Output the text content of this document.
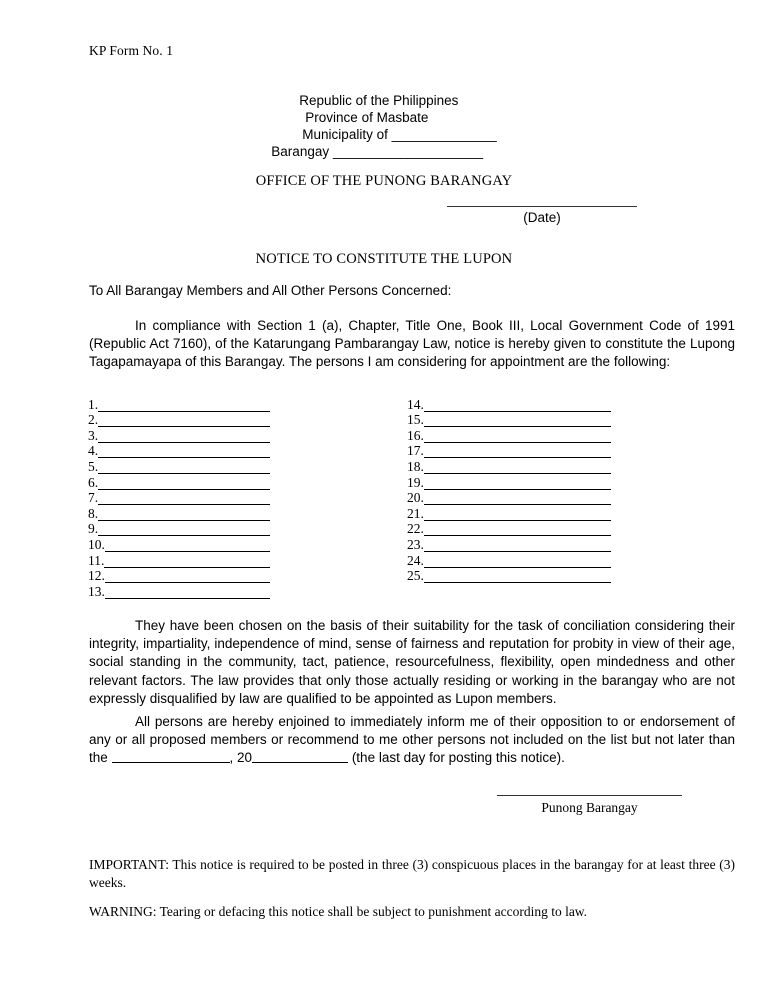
KP Form No. 1
Republic of the Philippines
Province of Masbate
Municipality of ______________
Barangay ____________________
OFFICE OF THE PUNONG BARANGAY
(Date)
NOTICE TO CONSTITUTE THE LUPON
To All Barangay Members and All Other Persons Concerned:
In compliance with Section 1 (a), Chapter, Title One, Book III, Local Government Code of 1991 (Republic Act 7160), of the Katarungang Pambarangay Law, notice is hereby given to constitute the Lupong Tagapamayapa of this Barangay. The persons I am considering for appointment are the following:
1.
2.
3.
4.
5.
6.
7.
8.
9.
10.
11.
12.
13.
14.
15.
16.
17.
18.
19.
20.
21.
22.
23.
24.
25.
They have been chosen on the basis of their suitability for the task of conciliation considering their integrity, impartiality, independence of mind, sense of fairness and reputation for probity in view of their age, social standing in the community, tact, patience, resourcefulness, flexibility, open mindedness and other relevant factors. The law provides that only those actually residing or working in the barangay who are not expressly disqualified by law are qualified to be appointed as Lupon members.
All persons are hereby enjoined to immediately inform me of their opposition to or endorsement of any or all proposed members or recommend to me other persons not included on the list but not later than the	, 20	(the last day for posting this notice).
Punong Barangay
IMPORTANT: This notice is required to be posted in three (3) conspicuous places in the barangay for at least three (3) weeks.
WARNING: Tearing or defacing this notice shall be subject to punishment according to law.
